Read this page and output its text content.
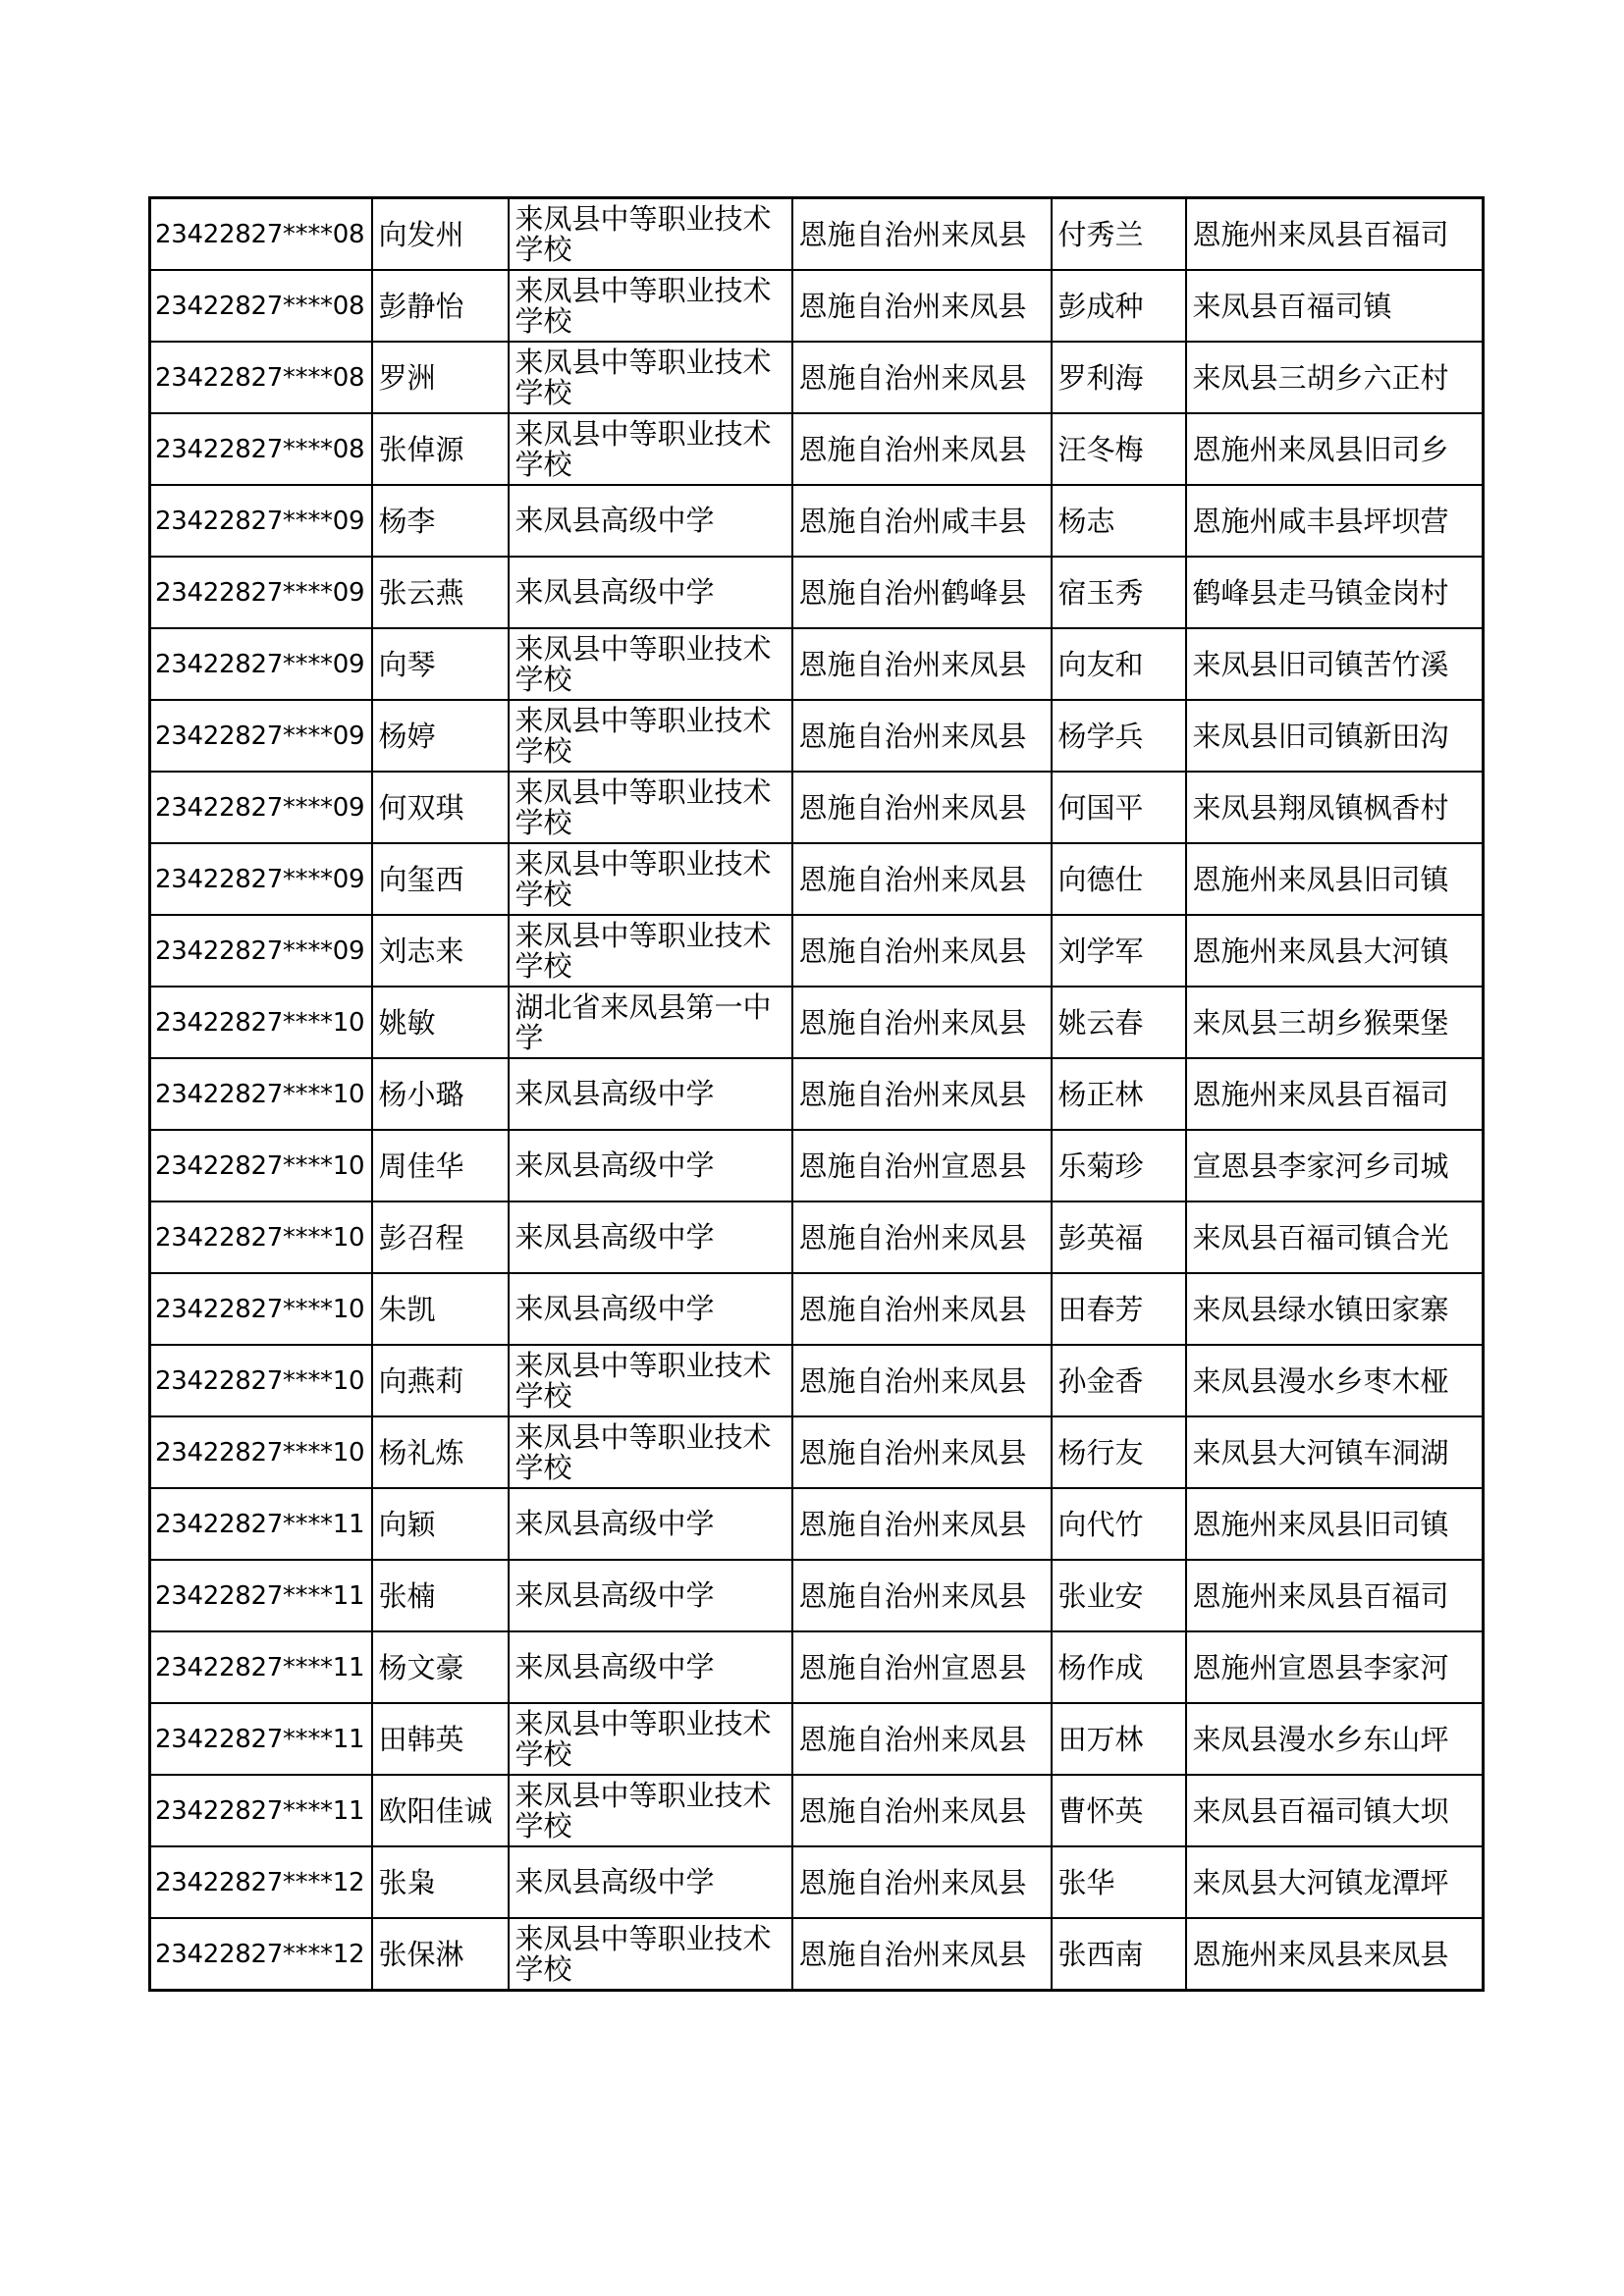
23422827****08	向发州	来凤县中等职业技术学校	恩施自治州来凤县	付秀兰	恩施州来凤县百福司
23422827****08	彭静怡	来凤县中等职业技术学校	恩施自治州来凤县	彭成种	来凤县百福司镇
23422827****08	罗洲	来凤县中等职业技术学校	恩施自治州来凤县	罗利海	来凤县三胡乡六正村
23422827****08	张倬源	来凤县中等职业技术学校	恩施自治州来凤县	汪冬梅	恩施州来凤县旧司乡
23422827****09	杨李	来凤县高级中学	恩施自治州咸丰县	杨志	恩施州咸丰县坪坝营
23422827****09	张云燕	来凤县高级中学	恩施自治州鹤峰县	宿玉秀	鹤峰县走马镇金岗村
23422827****09	向琴	来凤县中等职业技术学校	恩施自治州来凤县	向友和	来凤县旧司镇苦竹溪
23422827****09	杨婷	来凤县中等职业技术学校	恩施自治州来凤县	杨学兵	来凤县旧司镇新田沟
23422827****09	何双琪	来凤县中等职业技术学校	恩施自治州来凤县	何国平	来凤县翔凤镇枫香村
23422827****09	向玺西	来凤县中等职业技术学校	恩施自治州来凤县	向德仕	恩施州来凤县旧司镇
23422827****09	刘志来	来凤县中等职业技术学校	恩施自治州来凤县	刘学军	恩施州来凤县大河镇
23422827****10	姚敏	湖北省来凤县第一中学	恩施自治州来凤县	姚云春	来凤县三胡乡猴栗堡
23422827****10	杨小璐	来凤县高级中学	恩施自治州来凤县	杨正林	恩施州来凤县百福司
23422827****10	周佳华	来凤县高级中学	恩施自治州宣恩县	乐菊珍	宣恩县李家河乡司城
23422827****10	彭召程	来凤县高级中学	恩施自治州来凤县	彭英福	来凤县百福司镇合光
23422827****10	朱凯	来凤县高级中学	恩施自治州来凤县	田春芳	来凤县绿水镇田家寨
23422827****10	向燕莉	来凤县中等职业技术学校	恩施自治州来凤县	孙金香	来凤县漫水乡枣木桠
23422827****10	杨礼炼	来凤县中等职业技术学校	恩施自治州来凤县	杨行友	来凤县大河镇车洞湖
23422827****11	向颖	来凤县高级中学	恩施自治州来凤县	向代竹	恩施州来凤县旧司镇
23422827****11	张楠	来凤县高级中学	恩施自治州来凤县	张业安	恩施州来凤县百福司
23422827****11	杨文豪	来凤县高级中学	恩施自治州宣恩县	杨作成	恩施州宣恩县李家河
23422827****11	田韩英	来凤县中等职业技术学校	恩施自治州来凤县	田万林	来凤县漫水乡东山坪
23422827****11	欧阳佳诚	来凤县中等职业技术学校	恩施自治州来凤县	曹怀英	来凤县百福司镇大坝
23422827****12	张枭	来凤县高级中学	恩施自治州来凤县	张华	来凤县大河镇龙潭坪
23422827****12	张保淋	来凤县中等职业技术学校	恩施自治州来凤县	张西南	恩施州来凤县来凤县
